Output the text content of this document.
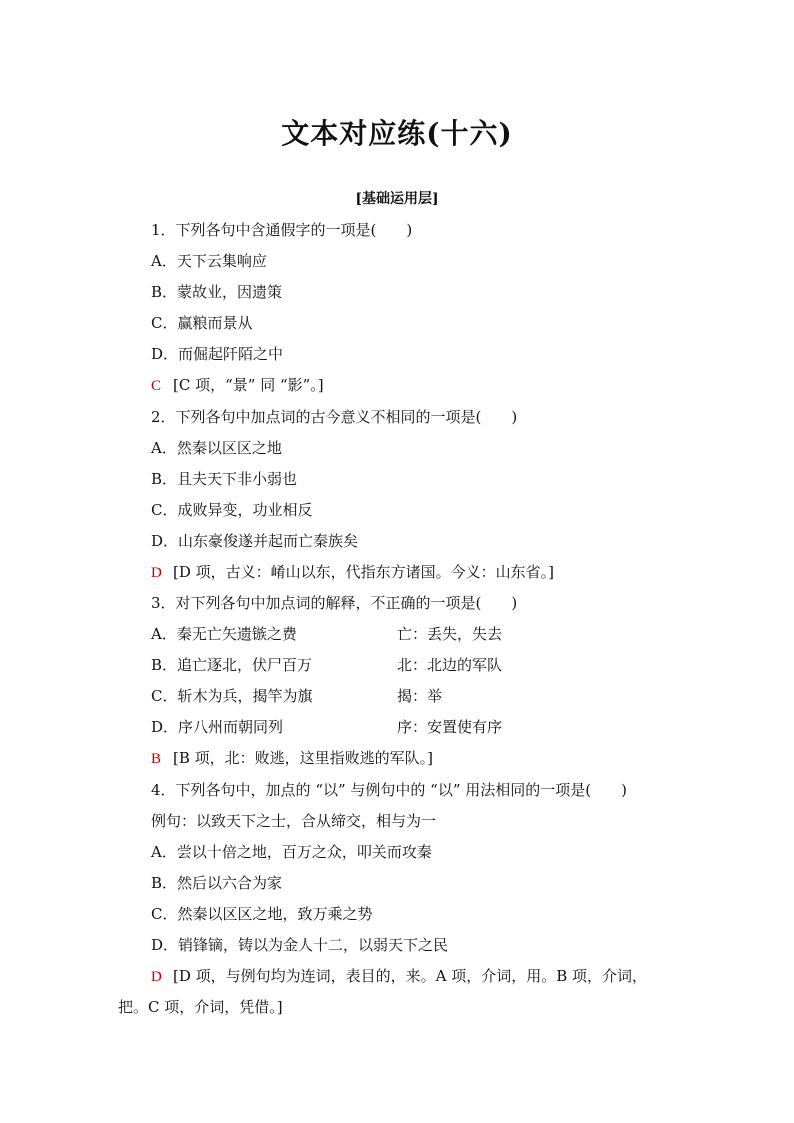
文本对应练(十六)
[基础运用层]
1．下列各句中含通假字的一项是(　　)
A．天下云集响应
B．蒙故业，因遗策
C．赢粮而景从
D．而倔起阡陌之中
C [C 项，“景” 同 “影”。]
2．下列各句中加点词的古今意义不相同的一项是(　　)
A．然秦以区区之地
B．且夫天下非小弱也
C．成败异变，功业相反
D．山东豪俊遂并起而亡秦族矣
D [D 项，古义：崤山以东，代指东方诸国。今义：山东省。]
3．对下列各句中加点词的解释，不正确的一项是(　　)
A．秦无亡矢遗镞之费	亡：丢失，失去
B．追亡逐北，伏尸百万	北：北边的军队
C．斩木为兵，揭竿为旗	揭：举
D．序八州而朝同列	序：安置使有序
B [B 项，北：败逃，这里指败逃的军队。]
4．下列各句中，加点的 “以” 与例句中的 “以” 用法相同的一项是(　　)
例句：以致天下之士，合从缔交，相与为一
A．尝以十倍之地，百万之众，叩关而攻秦
B．然后以六合为家
C．然秦以区区之地，致万乘之势
D．销锋镝，铸以为金人十二，以弱天下之民
D [D 项，与例句均为连词，表目的，来。A 项，介词，用。B 项，介词，
把。C 项，介词，凭借。]
